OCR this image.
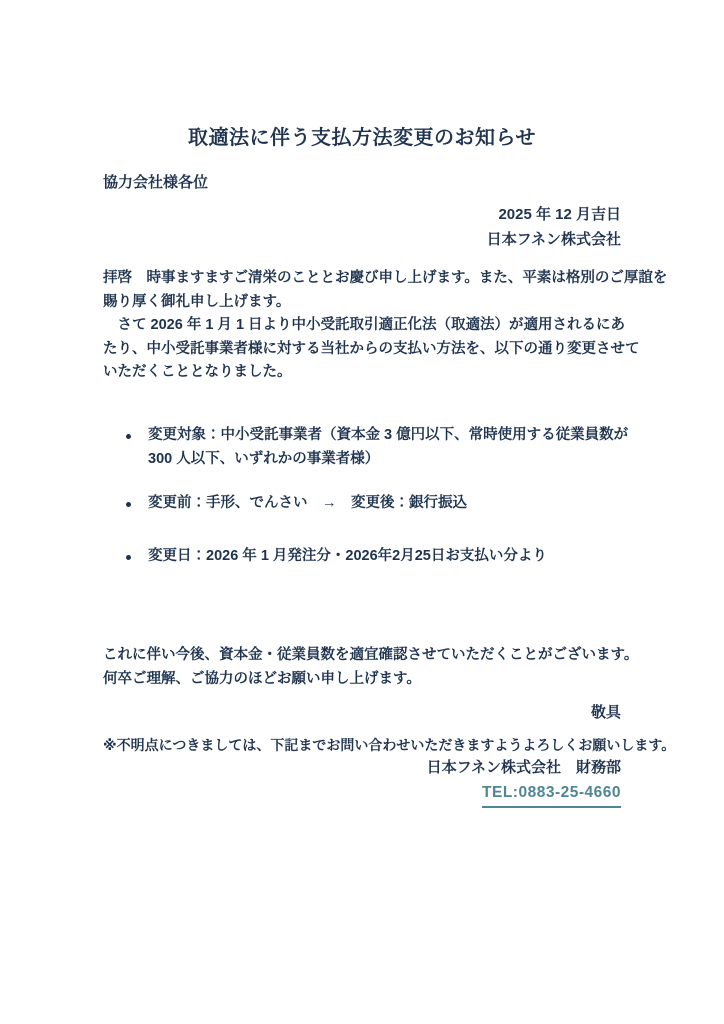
取適法に伴う支払方法変更のお知らせ
協力会社様各位
2025 年 12 月吉日
日本フネン株式会社
拝啓　時事ますますご清栄のこととお慶び申し上げます。また、平素は格別のご厚誼を
賜り厚く御礼申し上げます。
　さて 2026 年 1 月 1 日より中小受託取引適正化法（取適法）が適用されるにあ
たり、中小受託事業者様に対する当社からの支払い方法を、以下の通り変更させて
いただくこととなりました。
変更対象：中小受託事業者（資本金 3 億円以下、常時使用する従業員数が
300 人以下、いずれかの事業者様）
変更前：手形、でんさい　→　変更後：銀行振込
変更日：2026 年 1 月発注分・2026年2月25日お支払い分より
これに伴い今後、資本金・従業員数を適宜確認させていただくことがございます。
何卒ご理解、ご協力のほどお願い申し上げます。
敬具
※不明点につきましては、下記までお問い合わせいただきますようよろしくお願いします。
日本フネン株式会社　財務部
TEL:0883-25-4660
